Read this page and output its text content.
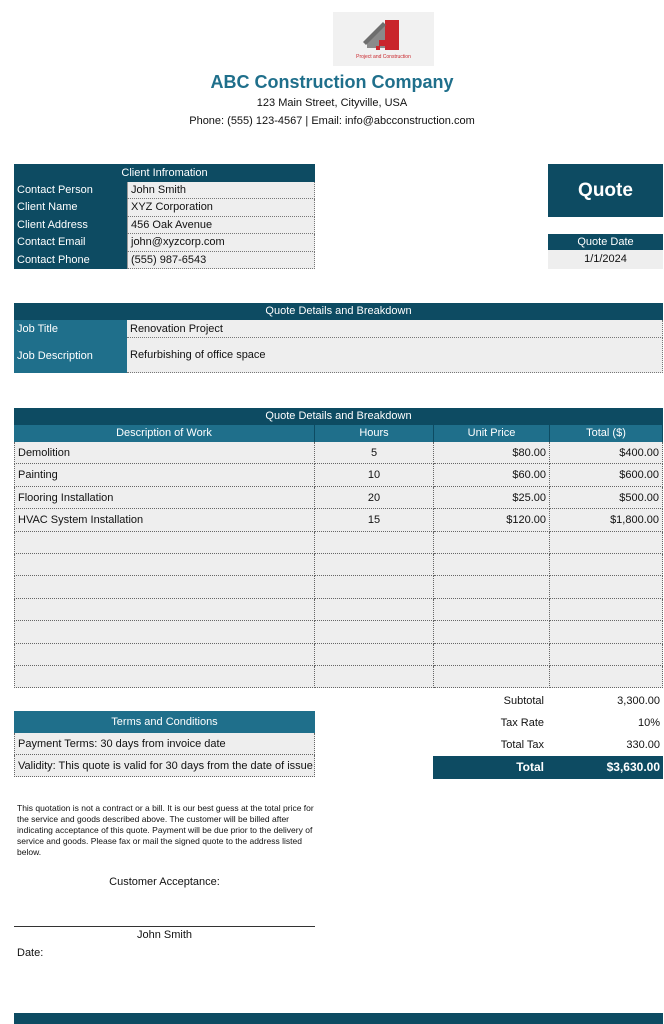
Project and Construction
ABC Construction Company
123 Main Street, Cityville, USA
Phone: (555) 123-4567 | Email: info@abcconstruction.com
Client Infromation
Contact Person	John Smith
Client Name	XYZ Corporation
Client Address	456 Oak Avenue
Contact Email	john@xyzcorp.com
Contact Phone	(555) 987-6543
Quote
Quote Date
1/1/2024
Quote Details and Breakdown
Job Title	Renovation Project
Job Description	Refurbishing of office space
Quote Details and Breakdown
Description of Work	Hours	Unit Price	Total ($)
Demolition	5	$80.00	$400.00
Painting	10	$60.00	$600.00
Flooring Installation	20	$25.00	$500.00
HVAC System Installation	15	$120.00	$1,800.00
Subtotal	3,300.00
Tax Rate	10%
Total Tax	330.00
Total	$3,630.00
Terms and Conditions
Payment Terms: 30 days from invoice date
Validity: This quote is valid for 30 days from the date of issue
This quotation is not a contract or a bill. It is our best guess at the total price for the service and goods described above. The customer will be billed after indicating acceptance of this quote. Payment will be due prior to the delivery of service and goods. Please fax or mail the signed quote to the address listed below.
Customer Acceptance:
John Smith
Date:
